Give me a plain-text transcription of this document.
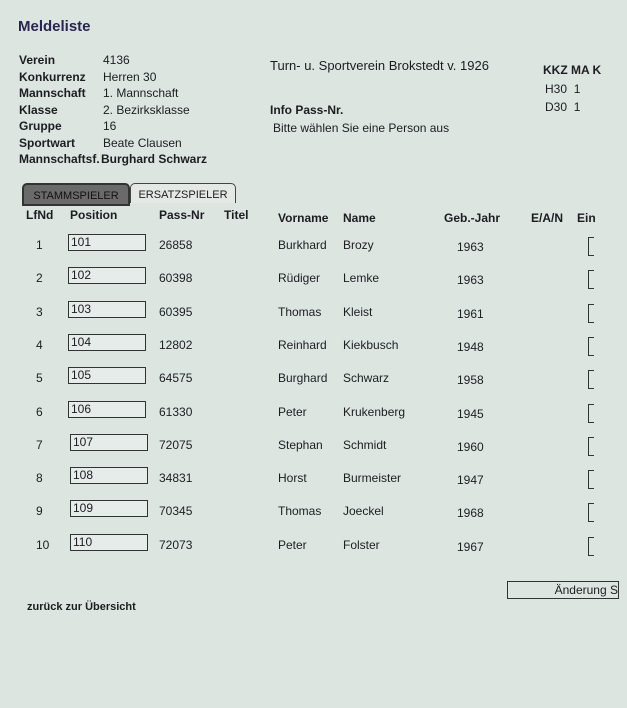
Meldeliste
Verein	4136
Konkurrenz Herren 30
Mannschaft 1. Mannschaft
Klasse	2. Bezirksklasse
Gruppe	16
Sportwart Beate Clausen
Mannschaftsf. Burghard Schwarz
Turn- u. Sportverein Brokstedt v. 1926
Info Pass-Nr.
Bitte wählen Sie eine Person aus
KKZ MA K
H30 1
D30 1
STAMMSPIELER	ERSATZSPIELER
LfNd Position	Pass-Nr Titel Vorname Name	Geb.-Jahr	E/A/N Ein
1 101	26858	Burkhard Brozy	1963
2 102	60398	Rüdiger Lemke	1963
3 103	60395	Thomas Kleist	1961
4 104	12802	Reinhard Kiekbusch	1948
5 105	64575	Burghard Schwarz	1958
6 106	61330	Peter	Krukenberg	1945
7	107	72075	Stephan Schmidt	1960
8	108	34831	Horst	Burmeister	1947
9	109	70345	Thomas Joeckel	1968
10 110	72073	Peter	Folster	1967
Änderung S
zurück zur Übersicht
